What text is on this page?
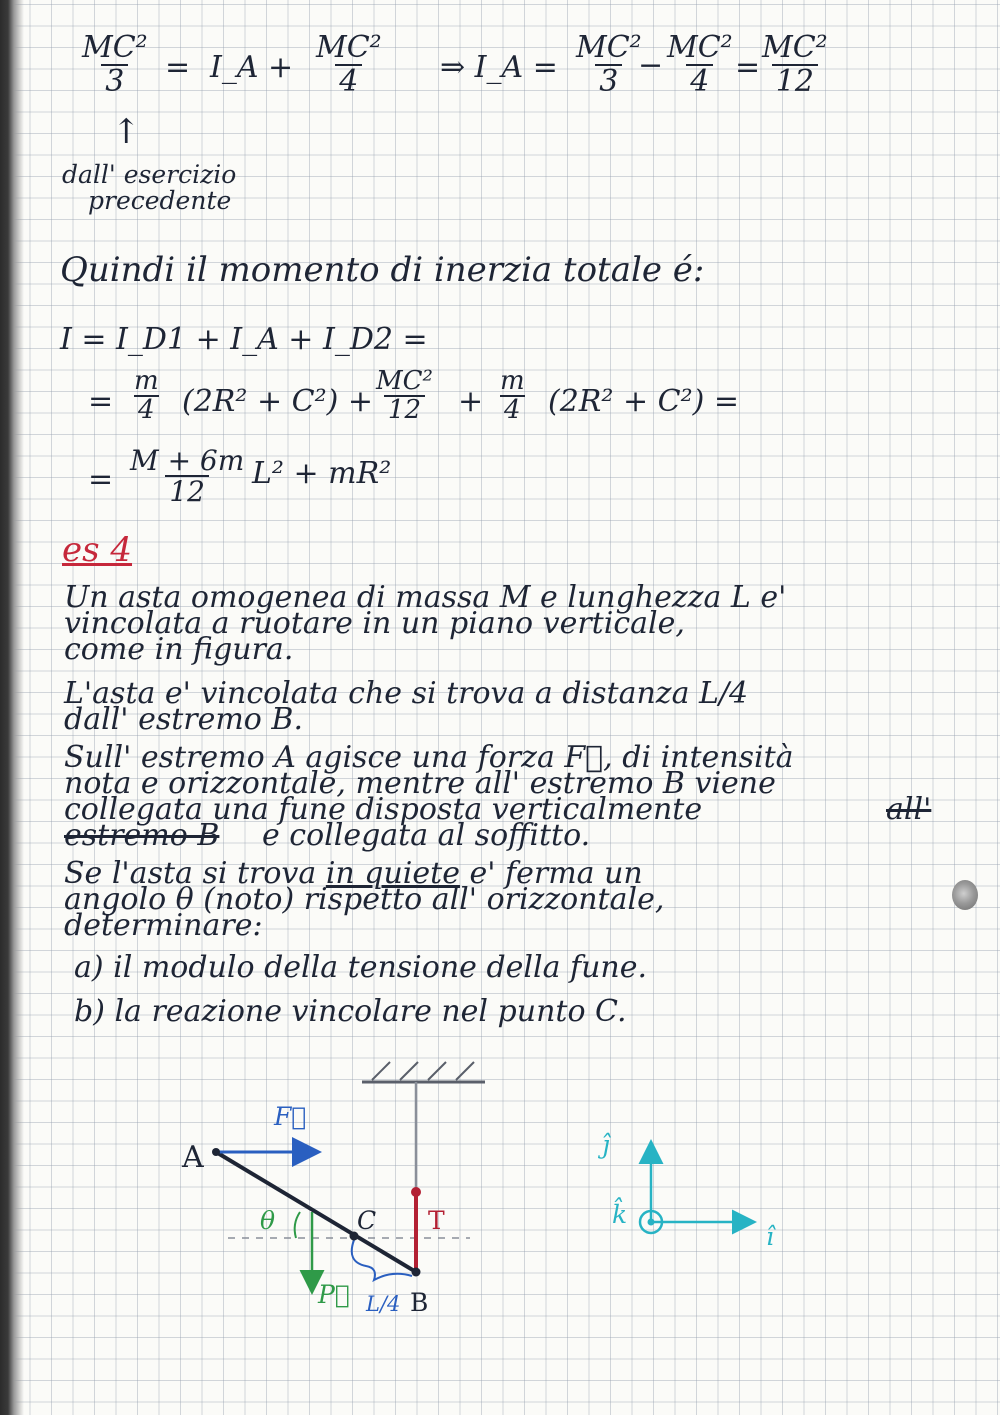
$\frac{\text{MC²}}{3}$ = I_A + $\frac{\text{MC²}}{4}$ ⇒ I_A = $\frac{\text{MC²}}{3}$
− $\frac{\text{MC²}}{4}$
=
$\frac{\text{MC²}}{12}$
↑
dall' esercizio
precedente
Quindi il momento di inerzia totale é:
I = I_D1 + I_A + I_D2 =
= $\frac{m}{4} (2R^2 + C^2) + \frac{\text{MC²}}{12} + \frac{m}{4} (2R^2 + C^2)$ =
= $\frac{M + 6m}{12} L^2 + mR^2$
es 4
Un asta omogenea di massa M e lunghezza L e'
vincolata a ruotare in un piano verticale,
come in figura.
L'asta e' vincolata che si trova a distanza L/4
dall' estremo B.
Sull' estremo A agisce una forza F⃗, di intensità
nota e orizzontale, mentre all' estremo B viene
collegata una fune disposta verticalmente	all'
estremo B e collegata al soffitto.
Se l'asta si trova in quiete e' ferma un
angolo θ (noto) rispetto all' orizzontale,
determinare:
a) il modulo della tensione della fune.
b) la reazione vincolare nel punto C.
A
F⃗
C T
θ
P⃗ L/4 B
ĵ
î
k̂
